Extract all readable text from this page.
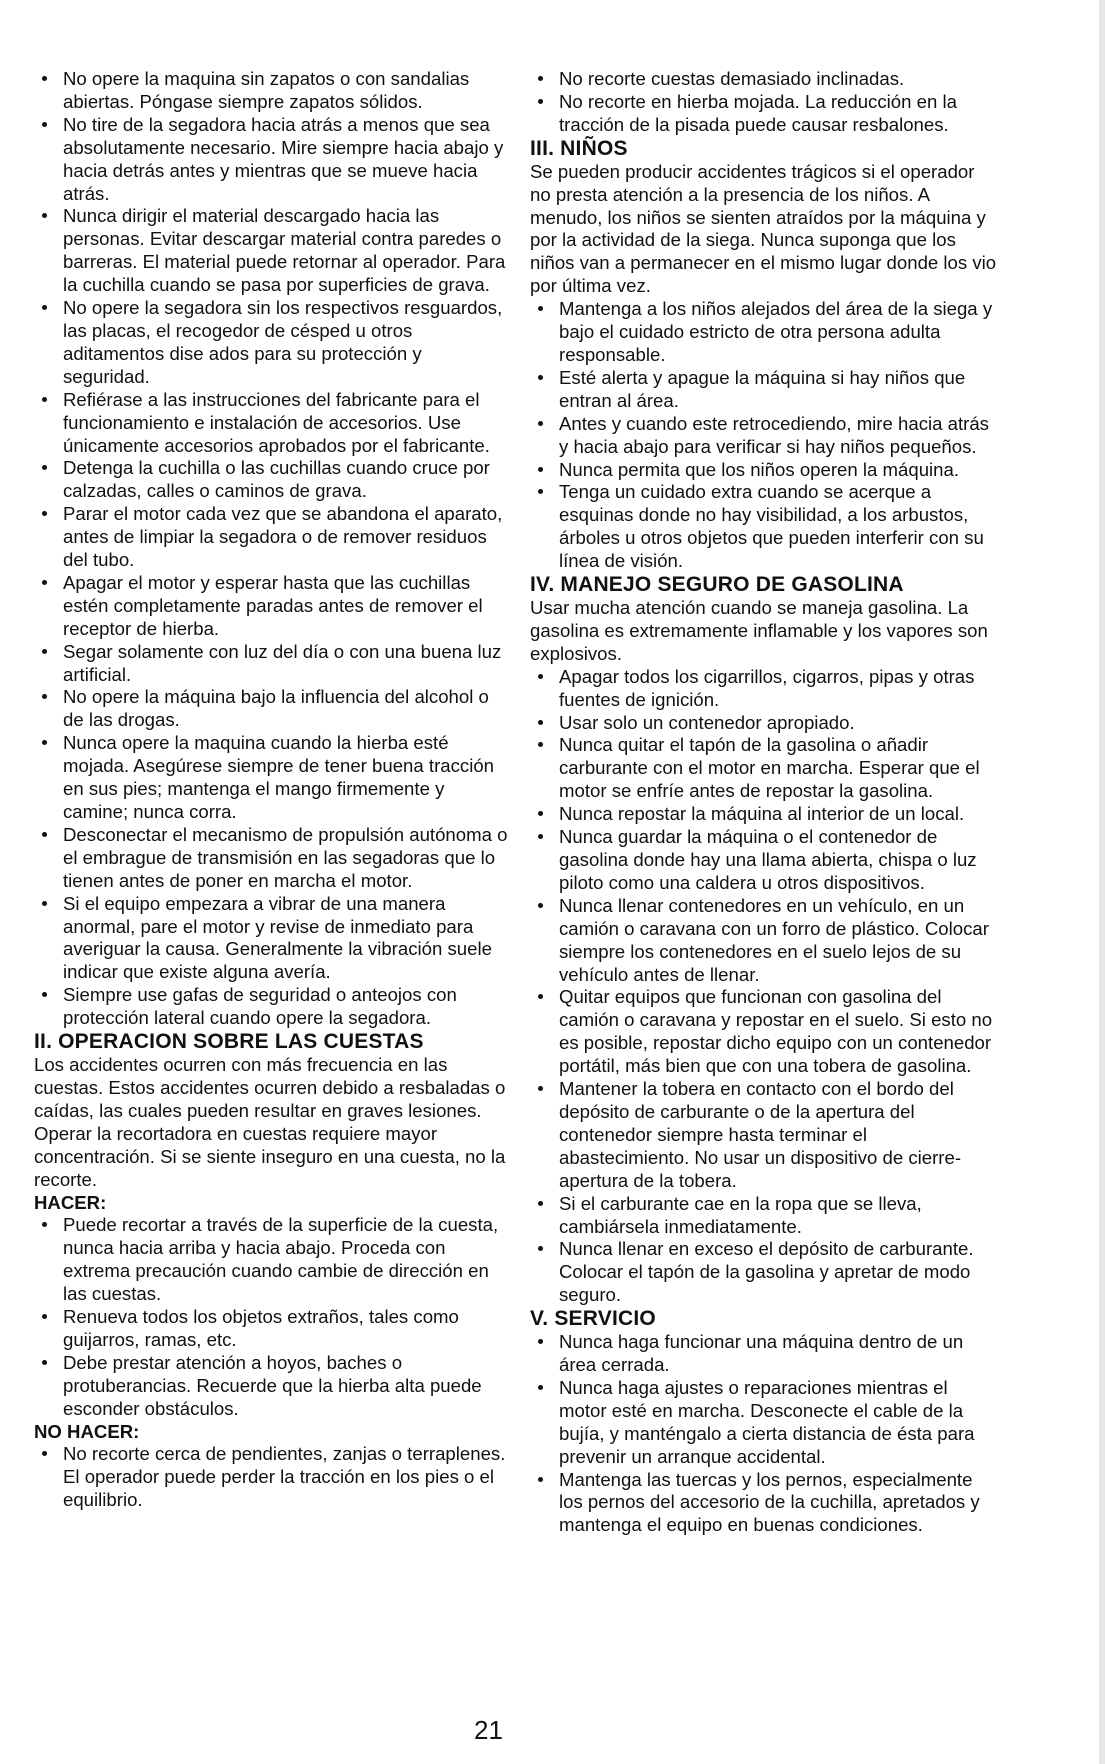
No opere la maquina sin zapatos o con sandalias abiertas. Póngase siempre zapatos sólidos.
No tire de la segadora hacia atrás a menos que sea absolutamente necesario. Mire siempre hacia abajo y hacia detrás antes y mientras que se mueve hacia atrás.
Nunca dirigir el material descargado hacia las personas. Evitar descargar material contra paredes o barreras. El material puede retornar al operador. Para la cuchilla cuando se pasa por superficies de grava.
No opere la segadora sin los respectivos resguardos, las placas, el recogedor de césped u otros aditamentos dise ados para su protección y seguridad.
Refiérase a las instrucciones del fabricante para el funcionamiento e instalación de accesorios. Use únicamente accesorios aprobados por el fabricante.
Detenga la cuchilla o las cuchillas cuando cruce por calzadas, calles o caminos de grava.
Parar el motor cada vez que se abandona el aparato, antes de limpiar la segadora o de remover residuos del tubo.
Apagar el motor y esperar hasta que las cuchillas estén completamente paradas antes de remover el receptor de hierba.
Segar solamente con luz del día o con una buena luz artificial.
No opere la máquina bajo la influencia del alcohol o de las drogas.
Nunca opere la maquina cuando la hierba esté mojada. Asegúrese siempre de tener buena tracción en sus pies; mantenga el mango firmemente y camine; nunca corra.
Desconectar el mecanismo de propulsión autónoma o el embrague de transmisión en las segadoras que lo tienen antes de poner en marcha el motor.
Si el equipo empezara a vibrar de una manera anormal, pare el motor y revise de inmediato para averiguar la causa. Generalmente la vibración suele indicar que existe alguna avería.
Siempre use gafas de seguridad o anteojos con protección lateral cuando opere la segadora.

II. OPERACION SOBRE LAS CUESTAS

Los accidentes ocurren con más frecuencia en las cuestas. Estos accidentes ocurren debido a resbaladas o caídas, las cuales pueden resultar en graves lesiones. Operar la recortadora en cuestas requiere mayor concentración. Si se siente inseguro en una cuesta, no la recorte.

HACER:

Puede recortar a través de la superficie de la cuesta, nunca hacia arriba y hacia abajo. Proceda con extrema precaución cuando cambie de dirección en las cuestas.
Renueva todos los objetos extraños, tales como guijarros, ramas, etc.
Debe prestar atención a hoyos, baches o protuberancias. Recuerde que la hierba alta puede esconder obstáculos.

NO HACER:

No recorte cerca de pendientes, zanjas o terraplenes. El operador puede perder la tracción en los pies o el equilibrio.
No recorte cuestas demasiado inclinadas.
No recorte en hierba mojada. La reducción en la tracción de la pisada puede causar resbalones.

III. NIÑOS

Se pueden producir accidentes trágicos si el operador no presta atención a la presencia de los niños. A menudo, los niños se sienten atraídos por la máquina y por la actividad de la siega. Nunca suponga que los niños van a permanecer en el mismo lugar donde los vio por última vez.

Mantenga a los niños alejados del área de la siega y bajo el cuidado estricto de otra persona adulta responsable.
Esté alerta y apague la máquina si hay niños que entran al área.
Antes y cuando este retrocediendo, mire hacia atrás y hacia abajo para verificar si hay niños pequeños.
Nunca permita que los niños operen la máquina.
Tenga un cuidado extra cuando se acerque a esquinas donde no hay visibilidad, a los arbustos, árboles u otros objetos que pueden interferir con su línea de visión.

IV. MANEJO SEGURO DE GASOLINA

Usar mucha atención cuando se maneja gasolina. La gasolina es extremamente inflamable y los vapores son explosivos.

Apagar todos los cigarrillos, cigarros, pipas y otras fuentes de ignición.
Usar solo un contenedor apropiado.
Nunca quitar el tapón de la gasolina o añadir carburante con el motor en marcha. Esperar que el motor se enfríe antes de repostar la gasolina.
Nunca repostar la máquina al interior de un local.
Nunca guardar la máquina o el contenedor de gasolina donde hay una llama abierta, chispa o luz piloto como una caldera u otros dispositivos.
Nunca llenar contenedores en un vehículo, en un camión o caravana con un forro de plástico. Colocar siempre los contenedores en el suelo lejos de su vehículo antes de llenar.
Quitar equipos que funcionan con gasolina del camión o caravana y repostar en el suelo. Si esto no es posible, repostar dicho equipo con un contenedor portátil, más bien que con una tobera de gasolina.
Mantener la tobera en contacto con el bordo del depósito de carburante o de la apertura del contenedor siempre hasta terminar el abastecimiento. No usar un dispositivo de cierre-apertura de la tobera.
Si el carburante cae en la ropa que se lleva, cambiársela inmediatamente.
Nunca llenar en exceso el depósito de carburante. Colocar el tapón de la gasolina y apretar de modo seguro.

V. SERVICIO

Nunca haga funcionar una máquina dentro de un área cerrada.
Nunca haga ajustes o reparaciones mientras el motor esté en marcha. Desconecte el cable de la bujía, y manténgalo a cierta distancia de ésta para prevenir un arranque accidental.
Mantenga las tuercas y los pernos, especialmente los pernos del accesorio de la cuchilla, apretados y mantenga el equipo en buenas condiciones.
21
